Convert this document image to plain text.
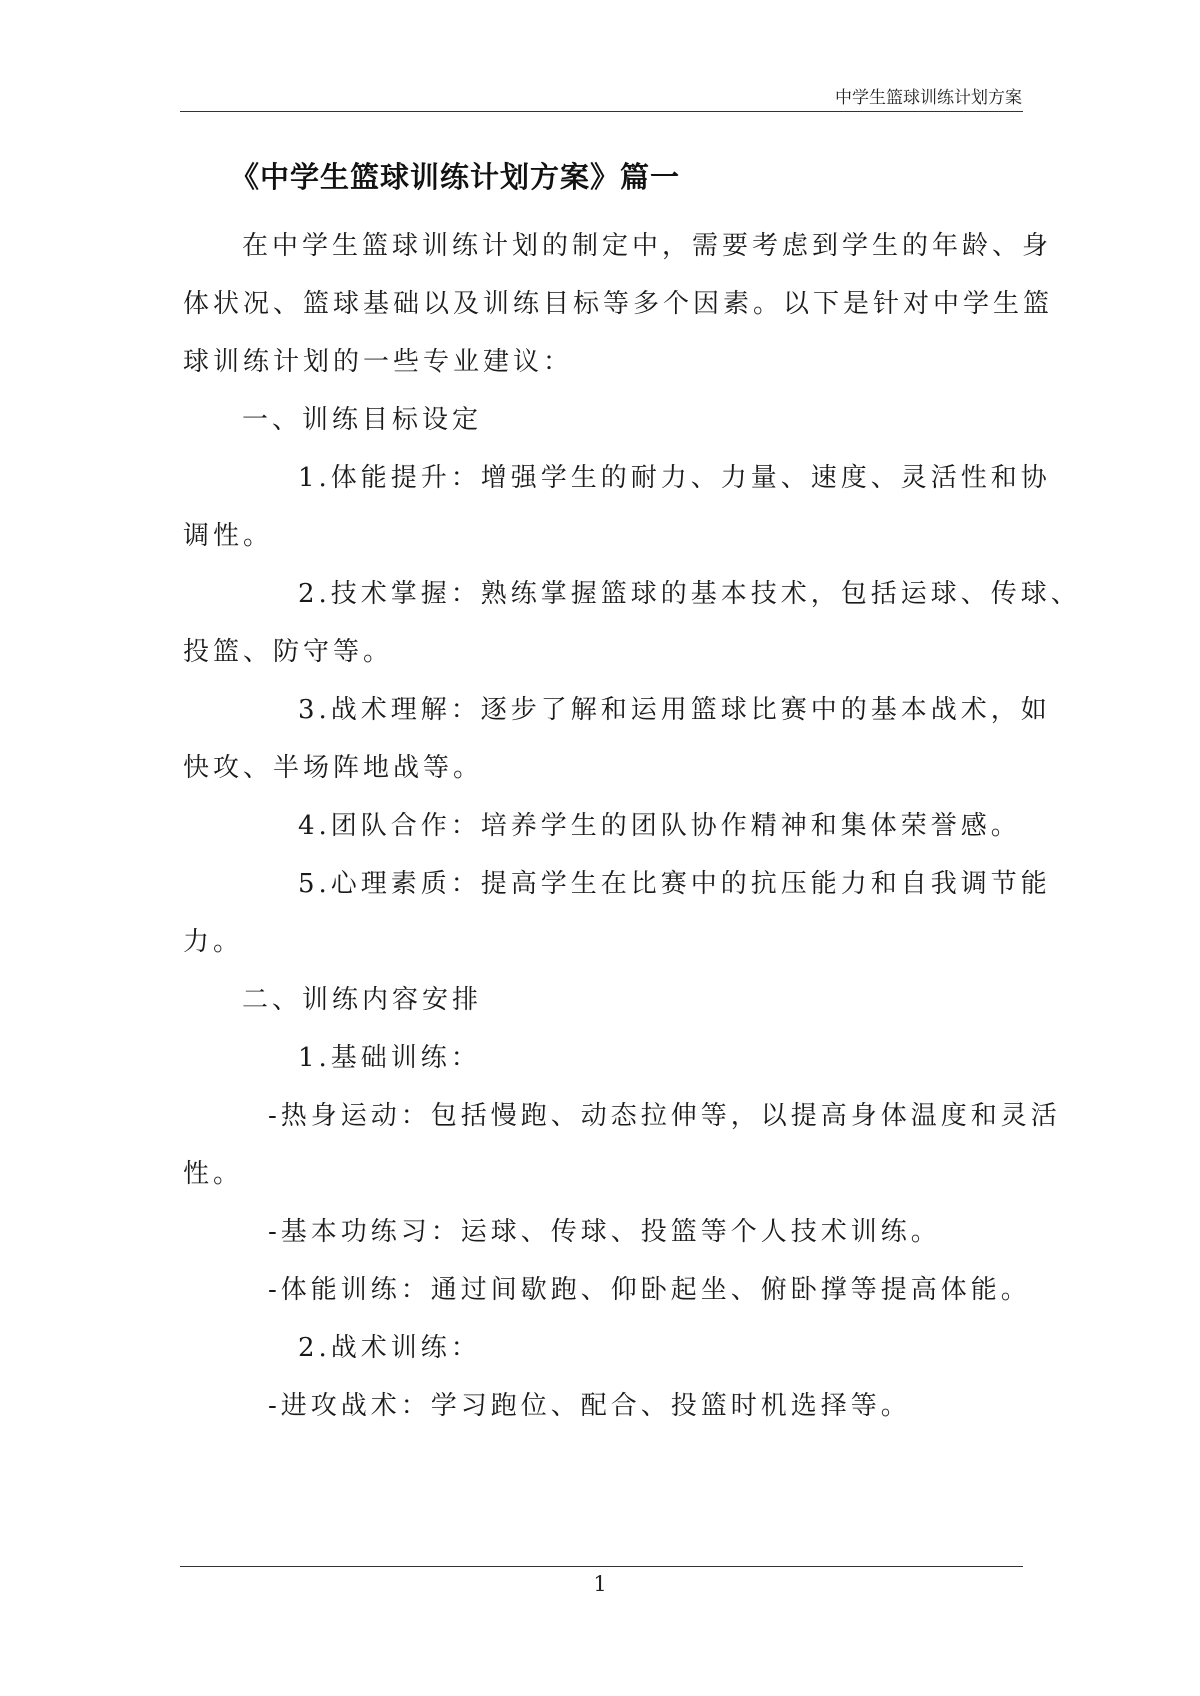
中学生篮球训练计划方案
《中学生篮球训练计划方案》篇一
在中学生篮球训练计划的制定中，需要考虑到学生的年龄、身
体状况、篮球基础以及训练目标等多个因素。以下是针对中学生篮
球训练计划的一些专业建议：
一、训练目标设定
1.体能提升：增强学生的耐力、力量、速度、灵活性和协
调性。
2.技术掌握：熟练掌握篮球的基本技术，包括运球、传球、
投篮、防守等。
3.战术理解：逐步了解和运用篮球比赛中的基本战术，如
快攻、半场阵地战等。
4.团队合作：培养学生的团队协作精神和集体荣誉感。
5.心理素质：提高学生在比赛中的抗压能力和自我调节能
力。
二、训练内容安排
1.基础训练：
-热身运动：包括慢跑、动态拉伸等，以提高身体温度和灵活
性。
-基本功练习：运球、传球、投篮等个人技术训练。
-体能训练：通过间歇跑、仰卧起坐、俯卧撑等提高体能。
2.战术训练：
-进攻战术：学习跑位、配合、投篮时机选择等。
1
